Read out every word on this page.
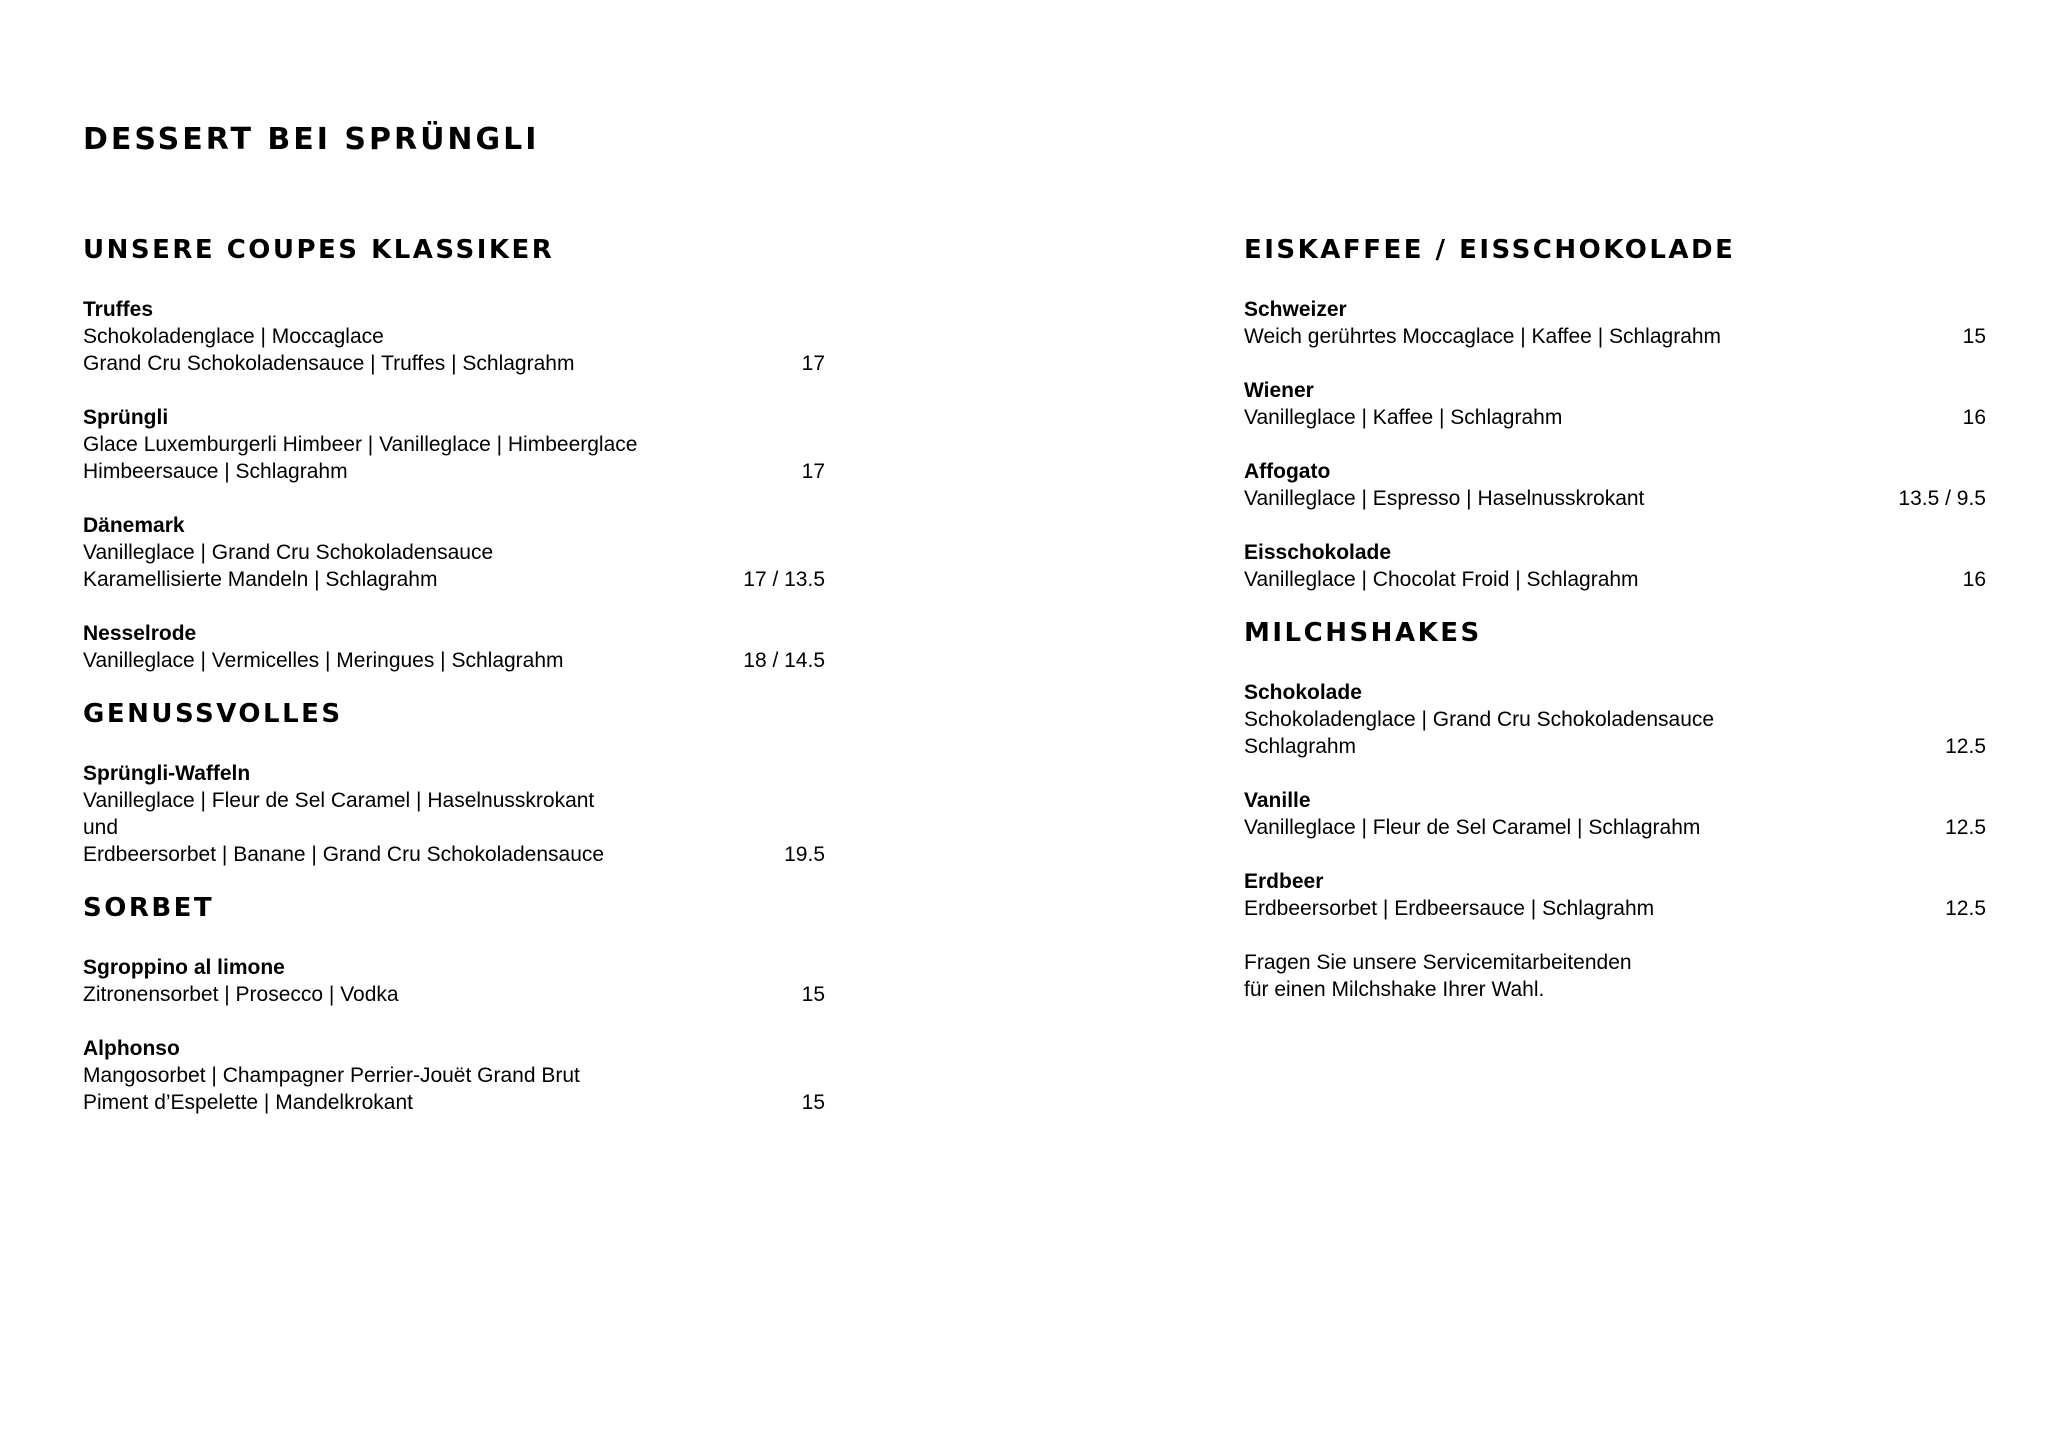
DESSERT BEI SPRÜNGLI
UNSERE COUPES KLASSIKER
Truffes
Schokoladenglace | Moccaglace
Grand Cru Schokoladensauce | Truffes | Schlagrahm	17
Sprüngli
Glace Luxemburgerli Himbeer | Vanilleglace | Himbeerglace
Himbeersauce | Schlagrahm	17
Dänemark
Vanilleglace | Grand Cru Schokoladensauce
Karamellisierte Mandeln | Schlagrahm	17 / 13.5
Nesselrode
Vanilleglace | Vermicelles | Meringues | Schlagrahm	18 / 14.5
GENUSSVOLLES
Sprüngli-Waffeln
Vanilleglace | Fleur de Sel Caramel | Haselnusskrokant
und
Erdbeersorbet | Banane | Grand Cru Schokoladensauce	19.5
SORBET
Sgroppino al limone
Zitronensorbet | Prosecco | Vodka	15
Alphonso
Mangosorbet | Champagner Perrier-Jouët Grand Brut
Piment d’Espelette | Mandelkrokant	15
EISKAFFEE / EISSCHOKOLADE
Schweizer
Weich gerührtes Moccaglace | Kaffee | Schlagrahm	15
Wiener
Vanilleglace | Kaffee | Schlagrahm	16
Affogato
Vanilleglace | Espresso | Haselnusskrokant	13.5 / 9.5
Eisschokolade
Vanilleglace | Chocolat Froid | Schlagrahm	16
MILCHSHAKES
Schokolade
Schokoladenglace | Grand Cru Schokoladensauce
Schlagrahm	12.5
Vanille
Vanilleglace | Fleur de Sel Caramel | Schlagrahm	12.5
Erdbeer
Erdbeersorbet | Erdbeersauce | Schlagrahm	12.5
Fragen Sie unsere Servicemitarbeitenden
für einen Milchshake Ihrer Wahl.
